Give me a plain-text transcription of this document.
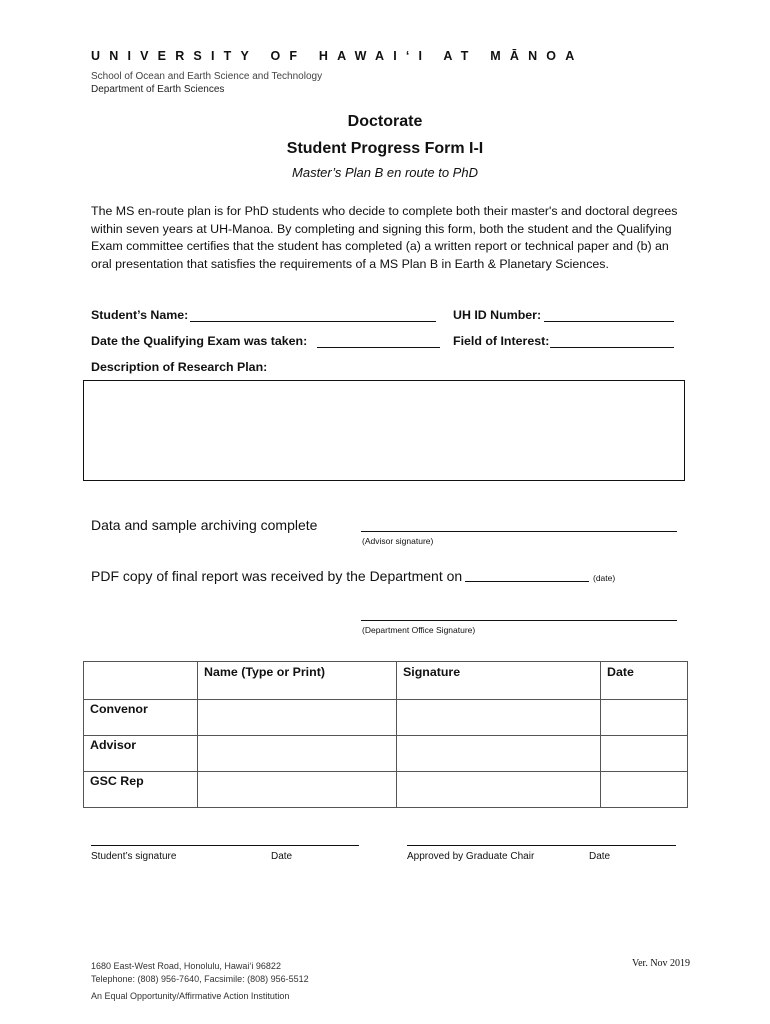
UNIVERSITY OF HAWAI‘I AT MĀNOA
School of Ocean and Earth Science and Technology
Department of Earth Sciences
Doctorate
Student Progress Form I-I
Master’s Plan B en route to PhD
The MS en-route plan is for PhD students who decide to complete both their master's and doctoral degrees within seven years at UH-Manoa. By completing and signing this form, both the student and the Qualifying Exam committee certifies that the student has completed (a) a written report or technical paper and (b) an oral presentation that satisfies the requirements of a MS Plan B in Earth & Planetary Sciences.
Student’s Name:	UH ID Number:
Date the Qualifying Exam was taken:	Field of Interest:
Description of Research Plan:
Data and sample archiving complete
(Advisor signature)
PDF copy of final report was received by the Department on	(date)
(Department Office Signature)
	Name (Type or Print)	Signature	Date
Convenor			
Advisor			
GSC Rep			
Student’s signature	Date	Approved by Graduate Chair	Date
1680 East-West Road, Honolulu, Hawai‘i 96822
Telephone: (808) 956-7640, Facsimile: (808) 956-5512
An Equal Opportunity/Affirmative Action Institution
Ver. Nov 2019
